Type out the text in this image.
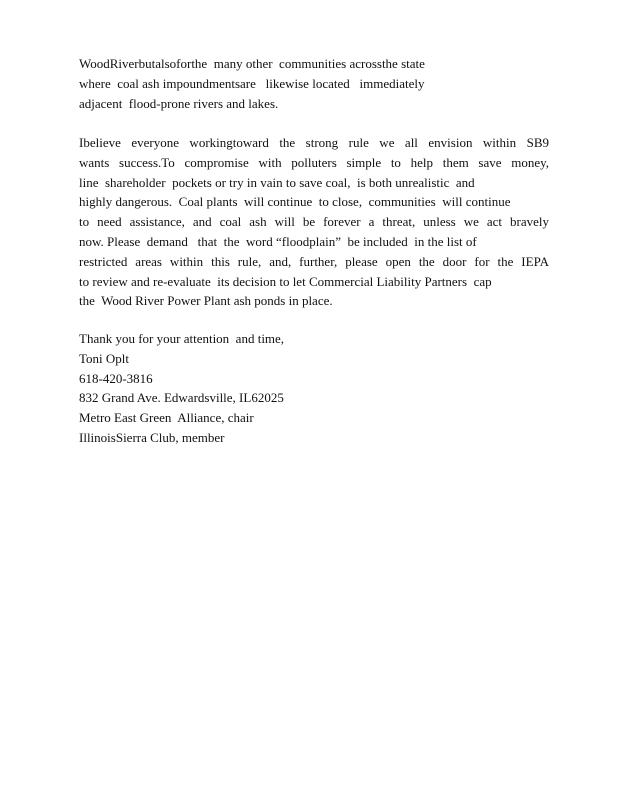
WoodRiverbutalsoforthe  many other  communities acrossthe state
where  coal ash impoundmentsare   likewise located   immediately
adjacent  flood-prone rivers and lakes.
Ibelieve everyone workingtoward the strong rule we all envision within SB9
wants success.To compromise with polluters simple to help them save money,
line  shareholder  pockets or try in vain to save coal,  is both unrealistic  and
highly dangerous.  Coal plants  will continue  to close,  communities  will continue
to need assistance, and coal ash will be forever a threat, unless we act bravely
now. Please  demand   that  the  word “floodplain”  be included  in the list of
restricted areas within this rule, and, further, please open the door for the IEPA
to review and re-evaluate  its decision to let Commercial Liability Partners  cap
the  Wood River Power Plant ash ponds in place.
Thank you for your attention  and time,
Toni Oplt
618-420-3816
832 Grand Ave. Edwardsville, IL62025
Metro East Green  Alliance, chair
IllinoisSierra Club, member
